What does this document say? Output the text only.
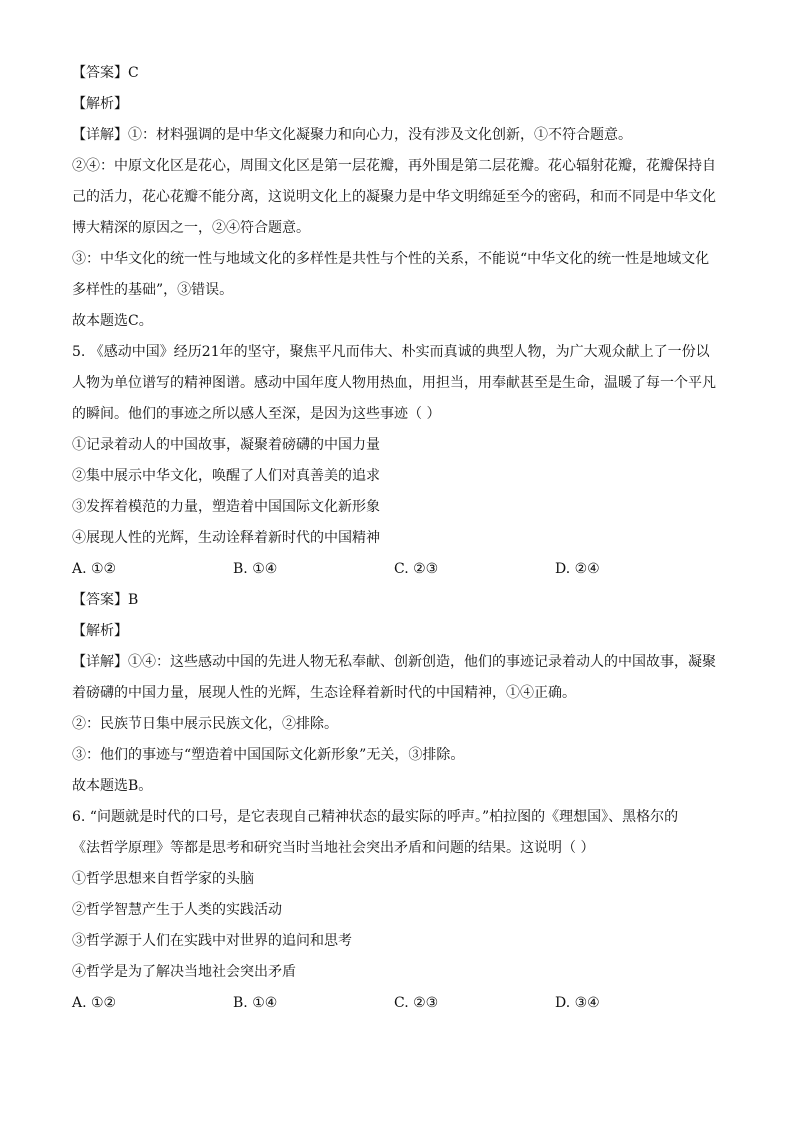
【答案】C
【解析】
【详解】①：材料强调的是中华文化凝聚力和向心力，没有涉及文化创新，①不符合题意。
②④：中原文化区是花心，周围文化区是第一层花瓣，再外围是第二层花瓣。花心辐射花瓣，花瓣保持自
己的活力，花心花瓣不能分离，这说明文化上的凝聚力是中华文明绵延至今的密码，和而不同是中华文化
博大精深的原因之一，②④符合题意。
③：中华文化的统一性与地域文化的多样性是共性与个性的关系，不能说“中华文化的统一性是地域文化
多样性的基础”，③错误。
故本题选C。
5. 《感动中国》经历21年的坚守，聚焦平凡而伟大、朴实而真诚的典型人物，为广大观众献上了一份以
人物为单位谱写的精神图谱。感动中国年度人物用热血，用担当，用奉献甚至是生命，温暖了每一个平凡
的瞬间。他们的事迹之所以感人至深，是因为这些事迹（ ）
①记录着动人的中国故事，凝聚着磅礴的中国力量
②集中展示中华文化，唤醒了人们对真善美的追求
③发挥着模范的力量，塑造着中国国际文化新形象
④展现人性的光辉，生动诠释着新时代的中国精神
A. ①②	B. ①④	C. ②③	D. ②④
【答案】B
【解析】
【详解】①④：这些感动中国的先进人物无私奉献、创新创造，他们的事迹记录着动人的中国故事，凝聚
着磅礴的中国力量，展现人性的光辉，生态诠释着新时代的中国精神，①④正确。
②：民族节日集中展示民族文化，②排除。
③：他们的事迹与“塑造着中国国际文化新形象”无关，③排除。
故本题选B。
6. “问题就是时代的口号，是它表现自己精神状态的最实际的呼声。”柏拉图的《理想国》、黑格尔的
《法哲学原理》等都是思考和研究当时当地社会突出矛盾和问题的结果。这说明（ ）
①哲学思想来自哲学家的头脑
②哲学智慧产生于人类的实践活动
③哲学源于人们在实践中对世界的追问和思考
④哲学是为了解决当地社会突出矛盾
A. ①②	B. ①④	C. ②③	D. ③④
